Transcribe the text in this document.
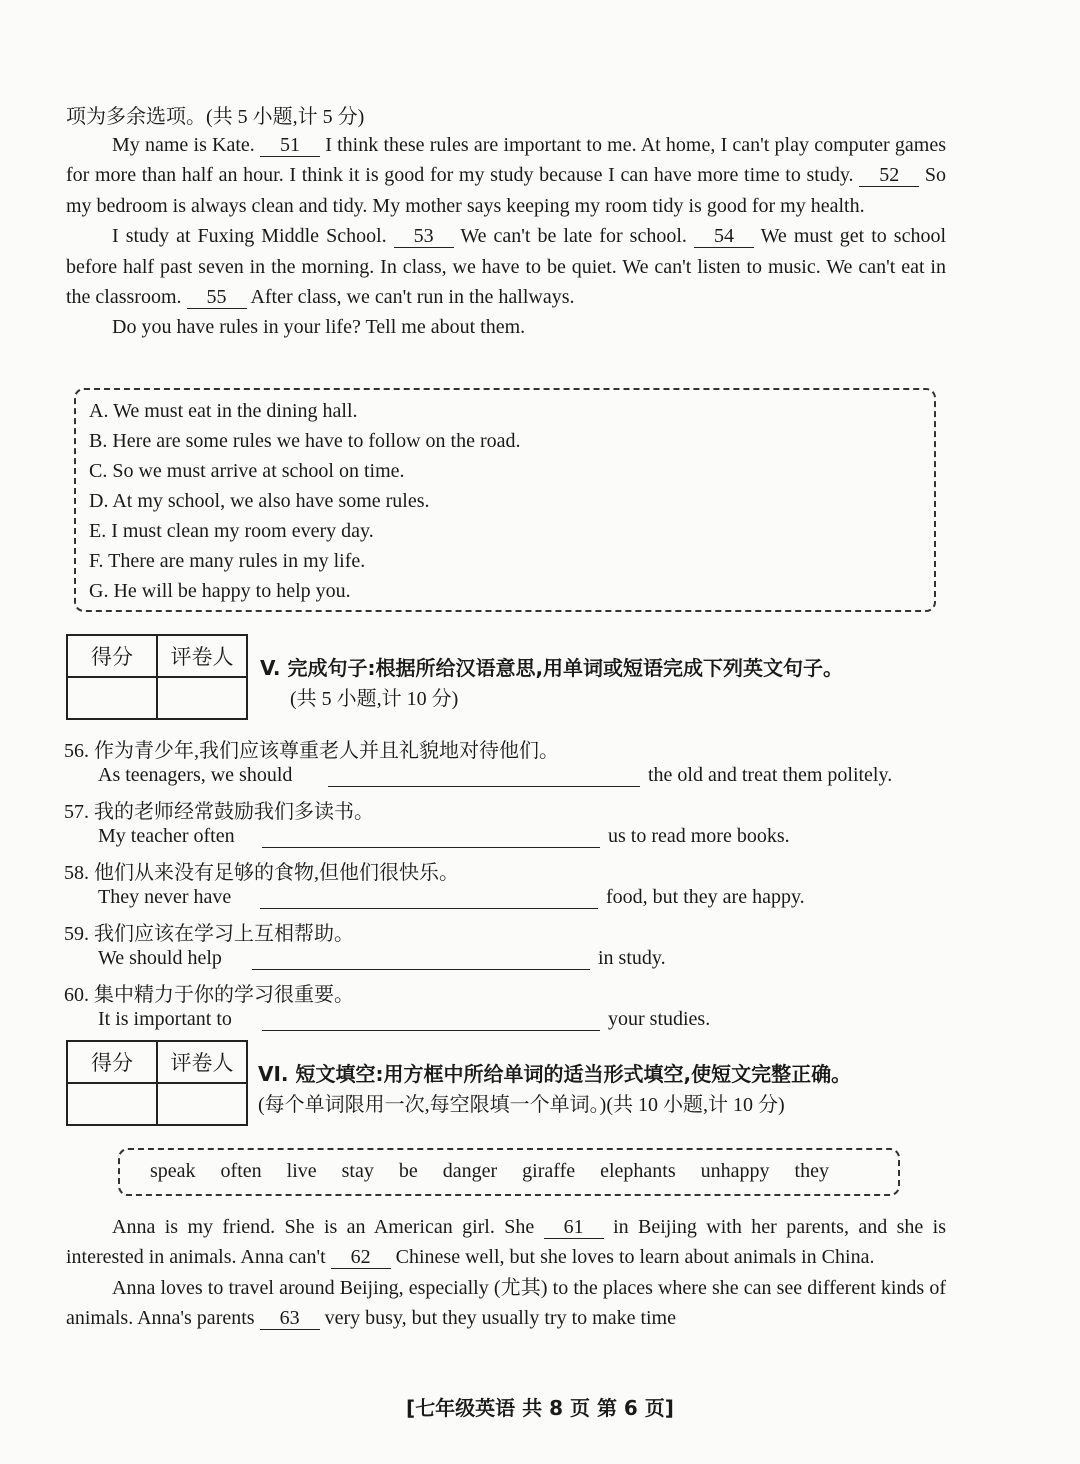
项为多余选项。(共 5 小题,计 5 分)

My name is Kate. 51 I think these rules are important to me. At home, I can't play computer games for more than half an hour. I think it is good for my study because I can have more time to study. 52 So my bedroom is always clean and tidy. My mother says keeping my room tidy is good for my health.

I study at Fuxing Middle School. 53 We can't be late for school. 54 We must get to school before half past seven in the morning. In class, we have to be quiet. We can't listen to music. We can't eat in the classroom. 55 After class, we can't run in the hallways.

Do you have rules in your life? Tell me about them.

A. We must eat in the dining hall.
B. Here are some rules we have to follow on the road.
C. So we must arrive at school on time.
D. At my school, we also have some rules.
E. I must clean my room every day.
F. There are many rules in my life.
G. He will be happy to help you.
得分	评卷人
	V. 完成句子:根据所给汉语意思,用单词或短语完成下列英文句子。
(共 5 小题,计 10 分)
56. 作为青少年,我们应该尊重老人并且礼貌地对待他们。
As teenagers, we should	the old and treat them politely.
57. 我的老师经常鼓励我们多读书。
My teacher often	us to read more books.
58. 他们从来没有足够的食物,但他们很快乐。
They never have	food, but they are happy.
59. 我们应该在学习上互相帮助。
We should help	in study.
60. 集中精力于你的学习很重要。
It is important to	your studies.
得分	评卷人
	VI. 短文填空:用方框中所给单词的适当形式填空,使短文完整正确。
(每个单词限用一次,每空限填一个单词。)(共 10 小题,计 10 分)
speak often live stay be danger giraffe elephants unhappy they

Anna is my friend. She is an American girl. She 61 in Beijing with her parents, and she is interested in animals. Anna can't 62 Chinese well, but she loves to learn about animals in China.

Anna loves to travel around Beijing, especially (尤其) to the places where she can see different kinds of animals. Anna's parents 63 very busy, but they usually try to make time

[七年级英语 共 8 页 第 6 页]
